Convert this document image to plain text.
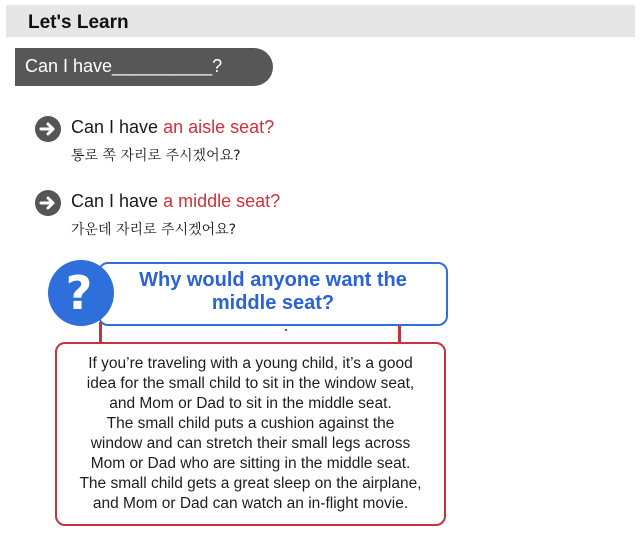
Let's Learn
Can I have__________?
Can I have an aisle seat?
통로 쪽 자리로 주시겠어요?
Can I have a middle seat?
가운데 자리로 주시겠어요?
Why would anyone want the
middle seat?
?
If you’re traveling with a young child, it’s a good
idea for the small child to sit in the window seat,
and Mom or Dad to sit in the middle seat.
The small child puts a cushion against the
window and can stretch their small legs across
Mom or Dad who are sitting in the middle seat.
The small child gets a great sleep on the airplane,
and Mom or Dad can watch an in-flight movie.
